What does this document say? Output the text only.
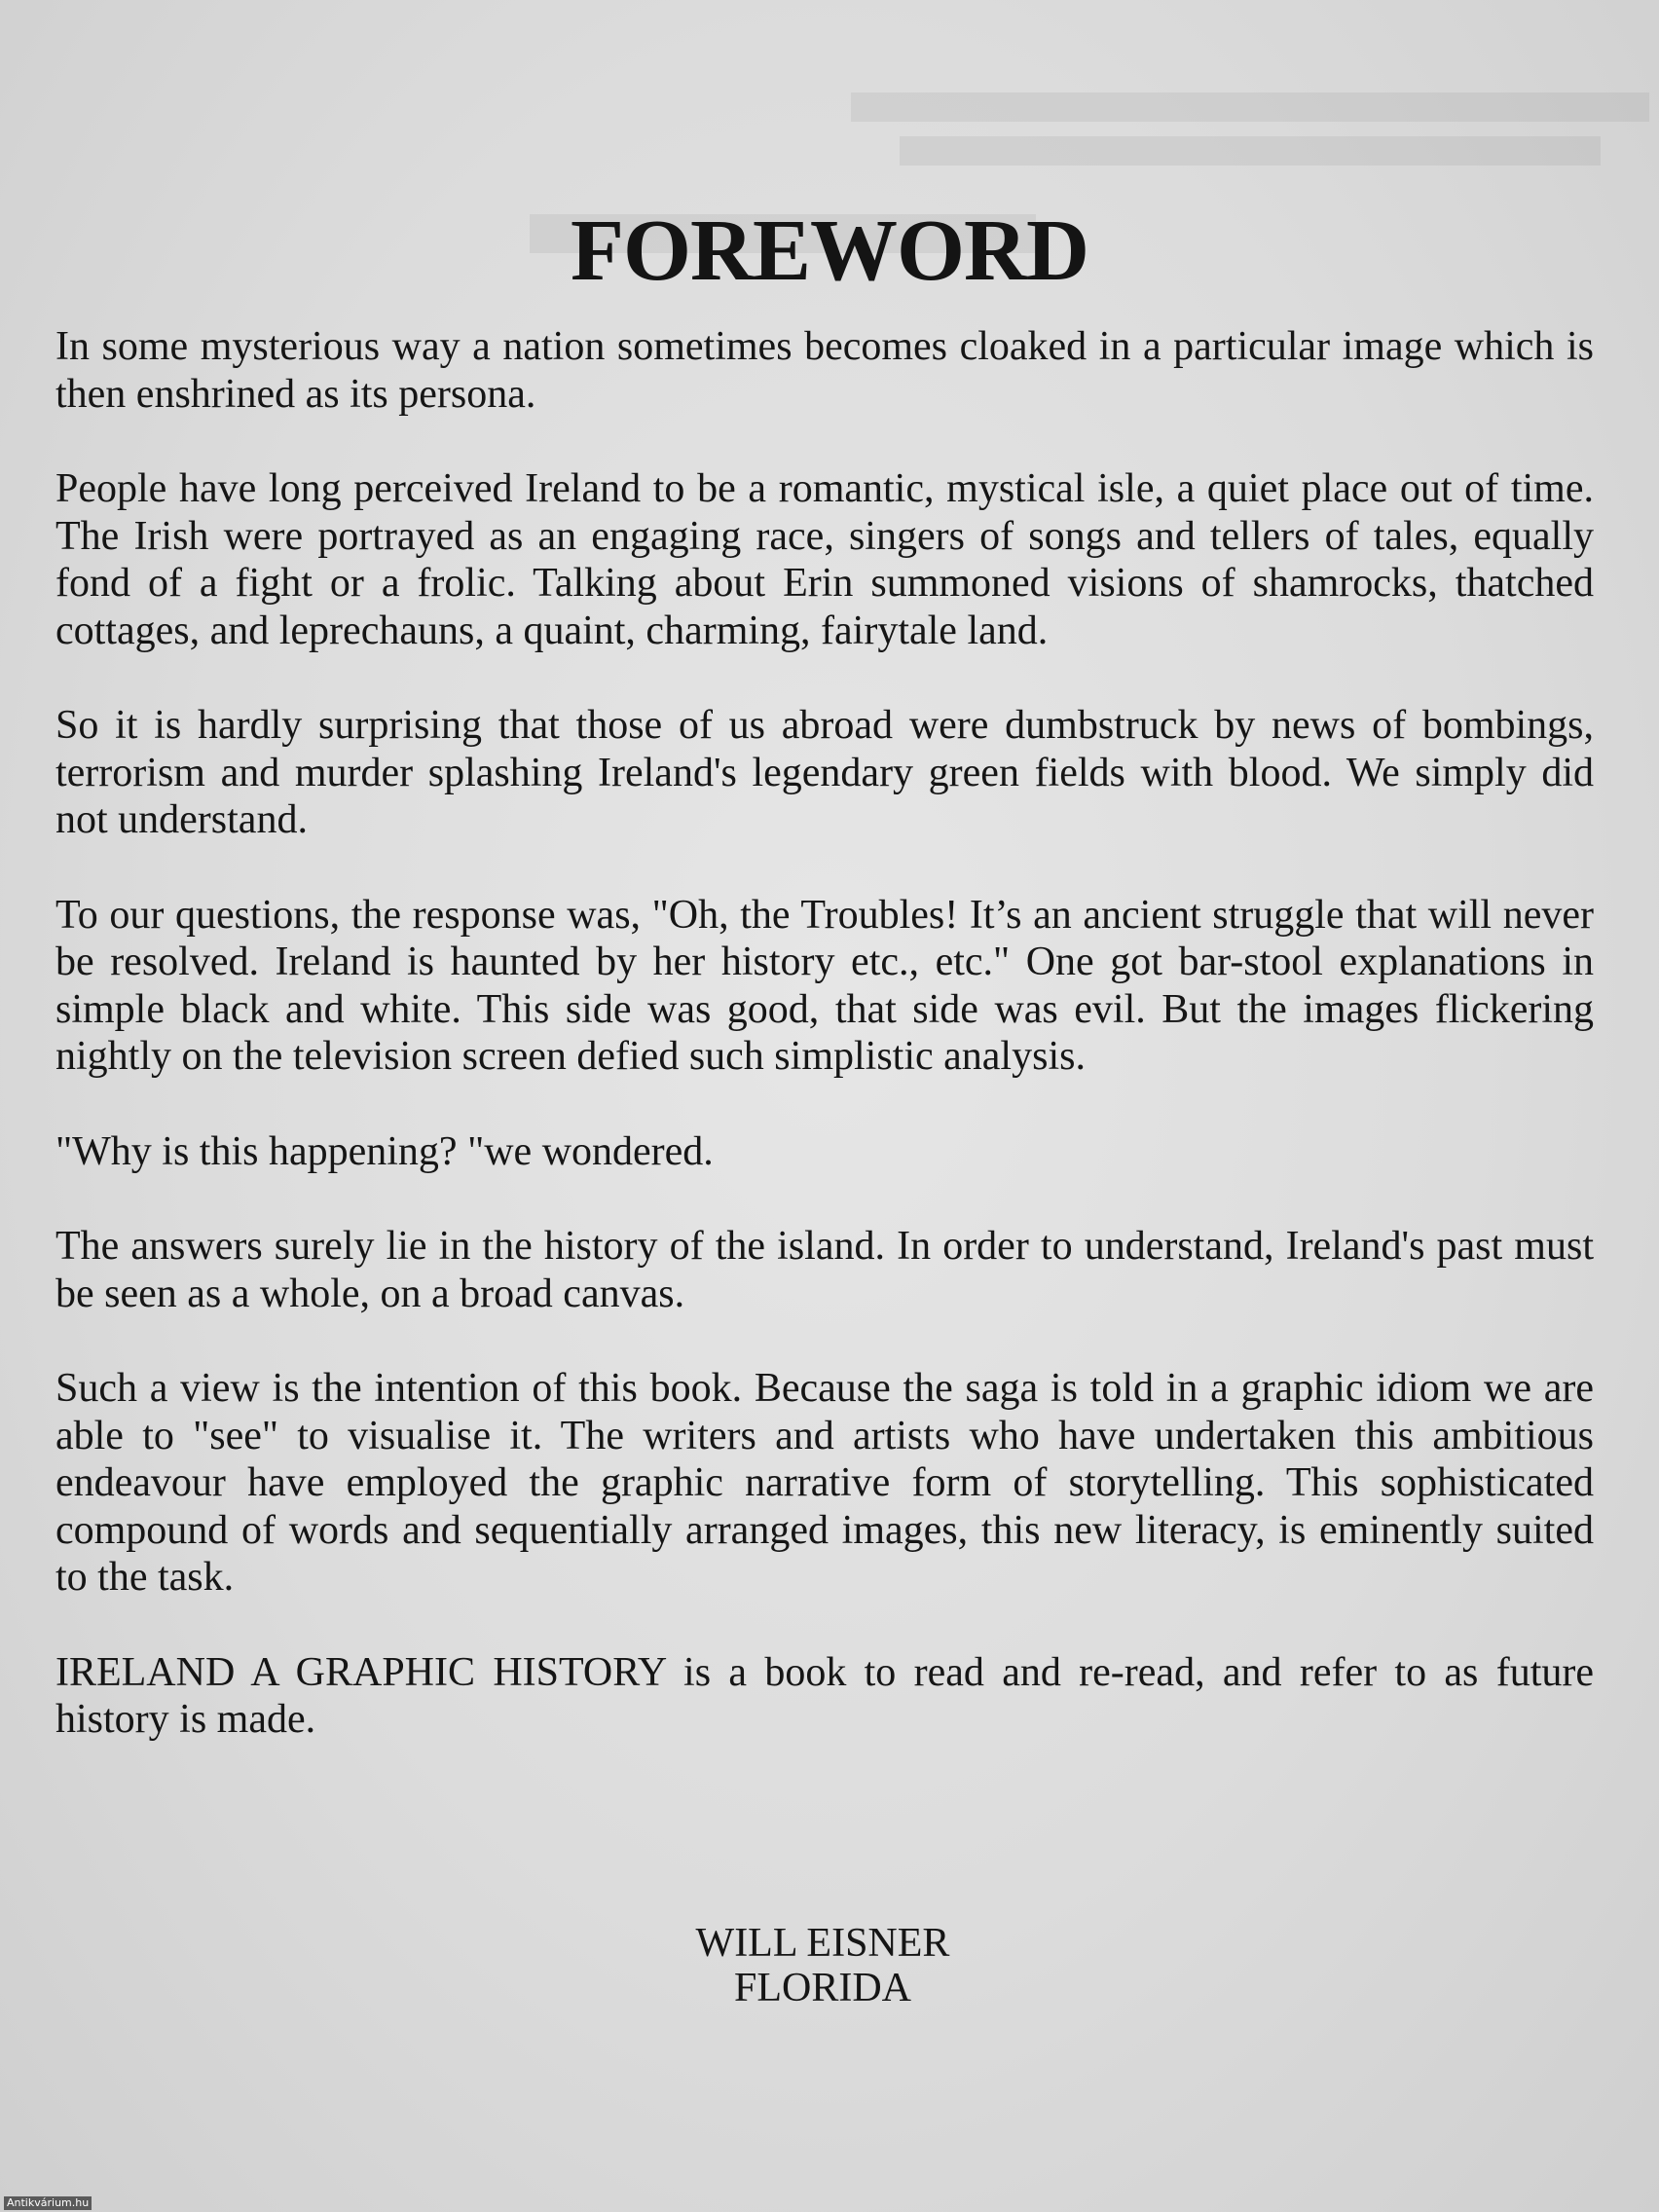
FOREWORD

In some mysterious way a nation sometimes becomes cloaked in a particular image which is then enshrined as its persona.

People have long perceived Ireland to be a romantic, mystical isle, a quiet place out of time. The Irish were portrayed as an engaging race, singers of songs and tellers of tales, equally fond of a fight or a frolic. Talking about Erin summoned visions of shamrocks, thatched cottages, and leprechauns, a quaint, charming, fairytale land.

So it is hardly surprising that those of us abroad were dumbstruck by news of bombings, terrorism and murder splashing Ireland's legendary green fields with blood. We simply did not understand.

To our questions, the response was, "Oh, the Troubles! It’s an ancient struggle that will never be resolved. Ireland is haunted by her history etc., etc." One got bar-stool explanations in simple black and white. This side was good, that side was evil. But the images flickering nightly on the television screen defied such simplistic analysis.

"Why is this happening? "we wondered.

The answers surely lie in the history of the island. In order to understand, Ireland's past must be seen as a whole, on a broad canvas.

Such a view is the intention of this book. Because the saga is told in a graphic idiom we are able to "see" to visualise it. The writers and artists who have undertaken this ambitious endeavour have employed the graphic narrative form of storytelling. This sophisticated compound of words and sequentially arranged images, this new literacy, is eminently suited to the task.

IRELAND A GRAPHIC HISTORY is a book to read and re-read, and refer to as future history is made.

WILL EISNER
FLORIDA
Antikvárium.hu
